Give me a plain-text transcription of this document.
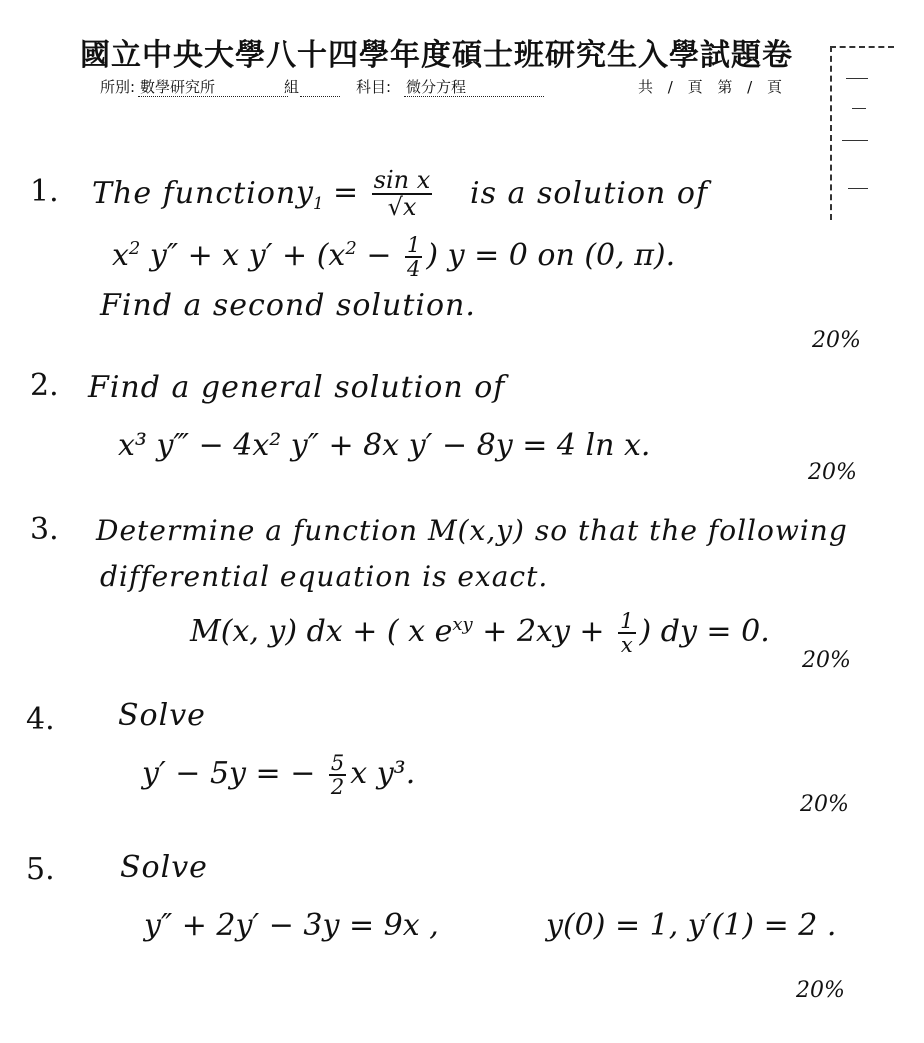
國立中央大學八十四學年度碩士班研究生入學試題卷
所別: 數學研究所	組	科目: 微分方程	共 / 頁 第 / 頁
1. The function $y_1 = \frac{\text{sin x}}{√x}$ is a solution of
$x^2$ y″ + x $y' + (x^2 - \frac{1}{4}$ ) y = 0 on (0, π).
Find a second solution.
20%
2. Find a general solution of
x³ y‴ − 4x² y″ + 8x y′ − 8y = 4 ln x.
20%
3. Determine a function M(x,y) so that the following
differential equation is exact.
M(x, y) dx + ( x $e^{xy} + 2xy + \frac{1}{x}$ ) dy = 0.
20%
4. Solve
y′ − 5y = − $\frac{5}{2}$ x y³.
20%
5. Solve
y″ + 2y′ − 3y = 9x ,	y(0) = 1, y′(1) = 2 .
20%
